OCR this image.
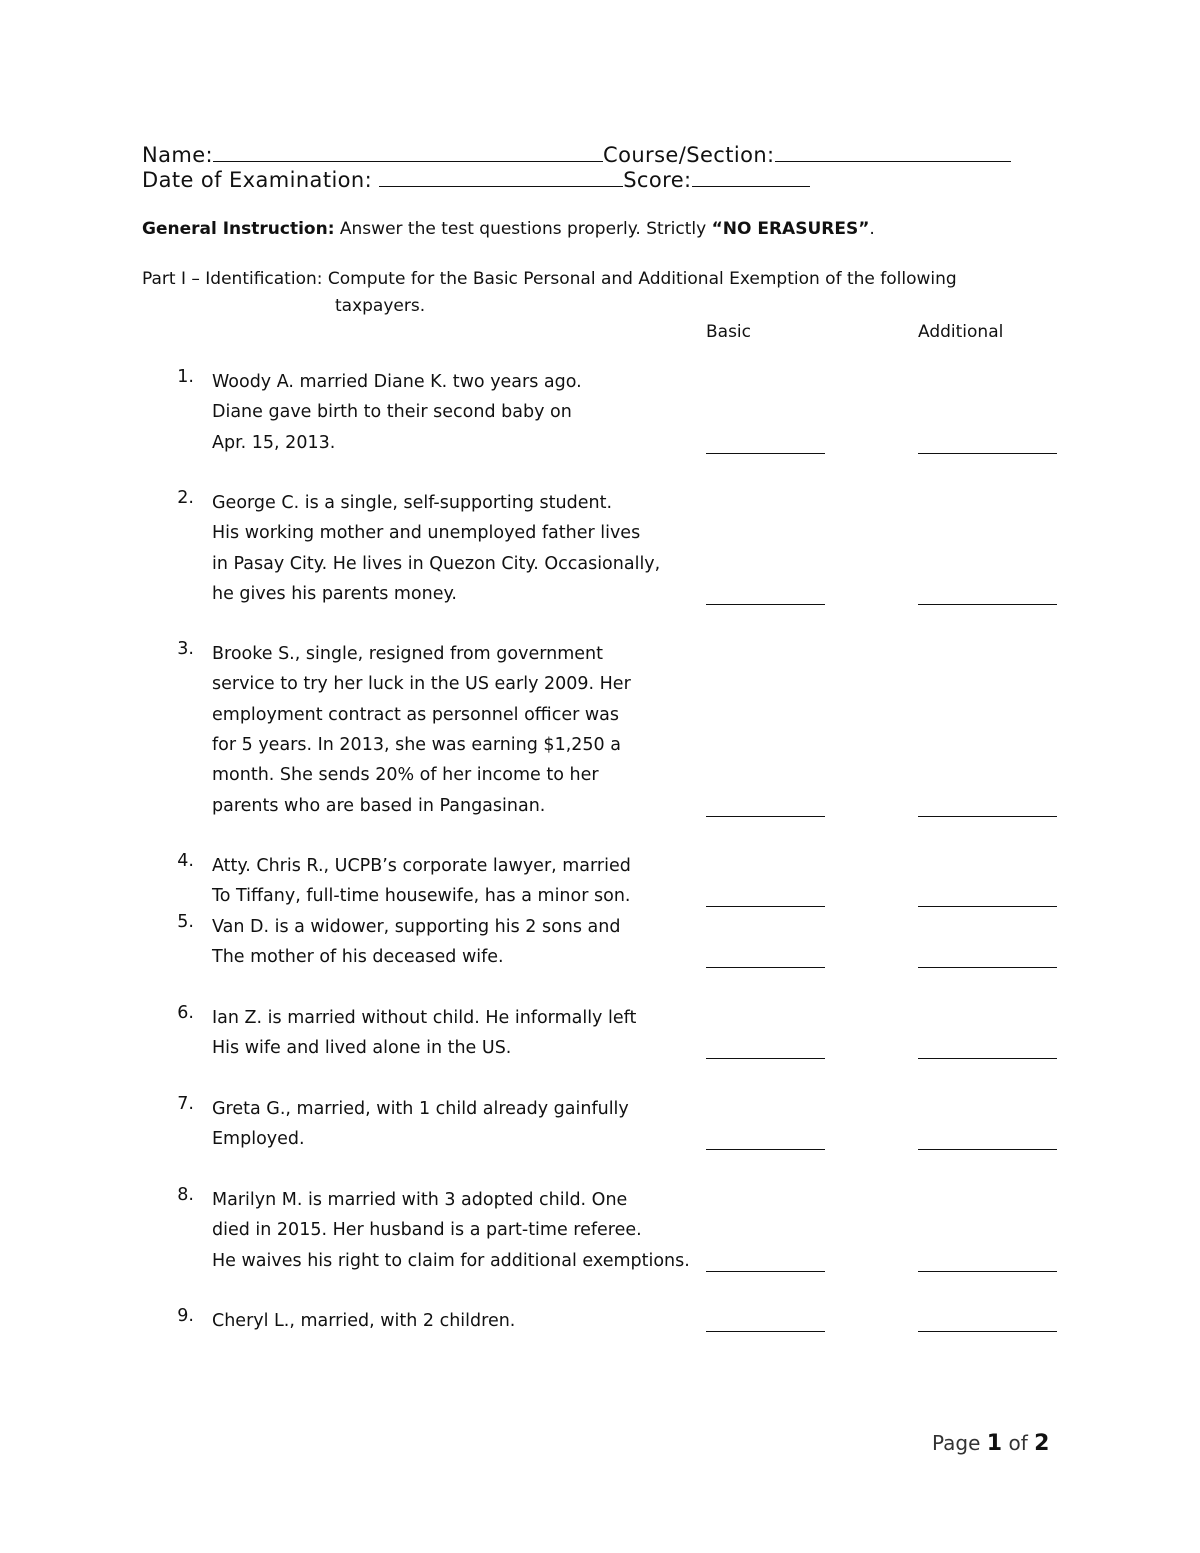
Name:	Course/Section:
Date of Examination:	Score:
General Instruction: Answer the test questions properly. Strictly “NO ERASURES”.
Part I – Identification: Compute for the Basic Personal and Additional Exemption of the following
taxpayers.
Basic	Additional
1. Woody A. married Diane K. two years ago.
Diane gave birth to their second baby on
Apr. 15, 2013.
2. George C. is a single, self-supporting student.
His working mother and unemployed father lives
in Pasay City. He lives in Quezon City. Occasionally,
he gives his parents money.
3. Brooke S., single, resigned from government
service to try her luck in the US early 2009. Her
employment contract as personnel officer was
for 5 years. In 2013, she was earning $1,250 a
month. She sends 20% of her income to her
parents who are based in Pangasinan.
4. Atty. Chris R., UCPB’s corporate lawyer, married
To Tiffany, full-time housewife, has a minor son.
5. Van D. is a widower, supporting his 2 sons and
The mother of his deceased wife.
6. Ian Z. is married without child. He informally left
His wife and lived alone in the US.
7. Greta G., married, with 1 child already gainfully
Employed.
8. Marilyn M. is married with 3 adopted child. One
died in 2015. Her husband is a part-time referee.
He waives his right to claim for additional exemptions.
9. Cheryl L., married, with 2 children.
Page 1 of 2
